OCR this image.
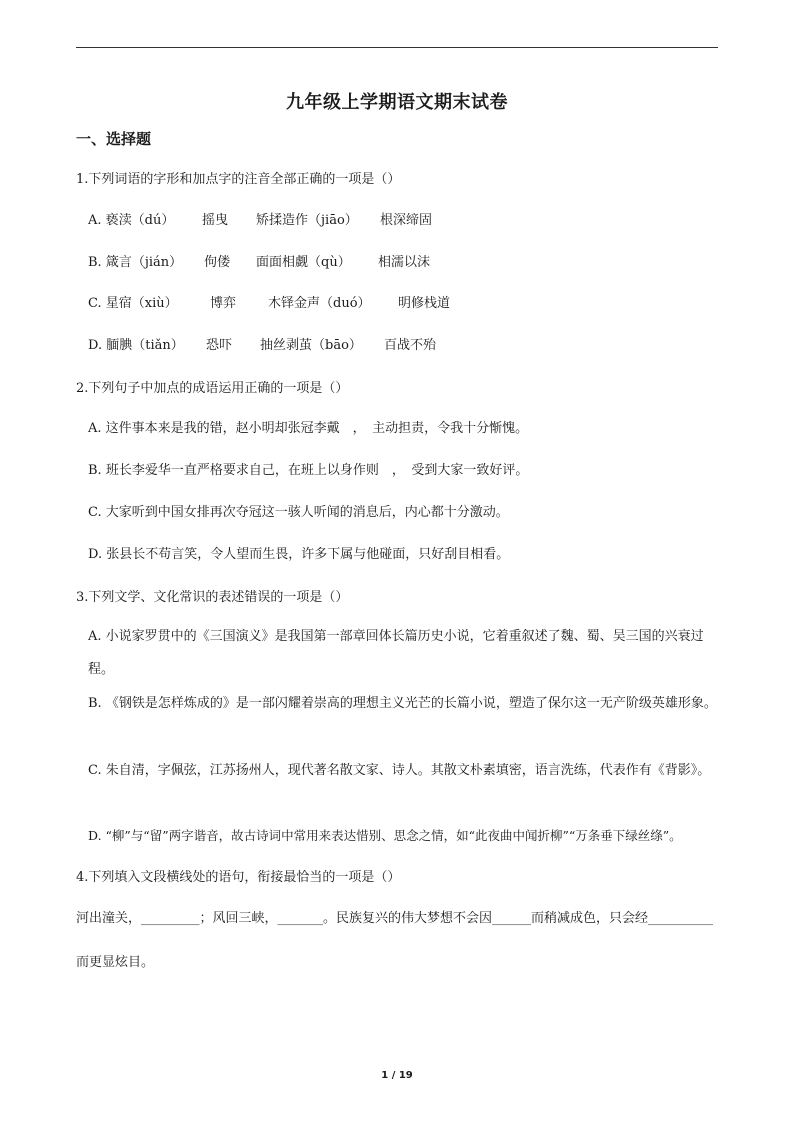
九年级上学期语文期末试卷
一、选择题
1.下列词语的字形和加点字的注音全部正确的一项是（）
A. 亵渎（dú） 摇曳 矫揉造作（jiāo） 根深缔固
B. 箴言（jián） 佝偻 面面相觑（qù） 相濡以沫
C. 星宿（xiù） 博弈 木铎金声（duó） 明修栈道
D. 腼腆（tiǎn） 恐吓 抽丝剥茧（bāo） 百战不殆
2.下列句子中加点的成语运用正确的一项是（）
A. 这件事本来是我的错，赵小明却张冠李戴　，　主动担责，令我十分惭愧。
B. 班长李爱华一直严格要求自己，在班上以身作则　，　受到大家一致好评。
C. 大家听到中国女排再次夺冠这一骇人听闻的消息后，内心都十分激动。
D. 张县长不苟言笑，令人望而生畏，许多下属与他碰面，只好刮目相看。
3.下列文学、文化常识的表述错误的一项是（）
A. 小说家罗贯中的《三国演义》是我国第一部章回体长篇历史小说，它着重叙述了魏、蜀、吴三国的兴衰过程。
B. 《钢铁是怎样炼成的》是一部闪耀着崇高的理想主义光芒的长篇小说，塑造了保尔这一无产阶级英雄形象。
C. 朱自清，字佩弦，江苏扬州人，现代著名散文家、诗人。其散文朴素填密，语言洗练，代表作有《背影》。
D. “柳”与“留”两字谐音，故古诗词中常用来表达惜别、思念之情，如“此夜曲中闻折柳”“万条垂下绿丝绦”。
4.下列填入文段横线处的语句，衔接最恰当的一项是（）
河出潼关，_________；风回三峡，_______。民族复兴的伟大梦想不会因______而稍减成色，只会经__________而更显炫目。
1 / 19
